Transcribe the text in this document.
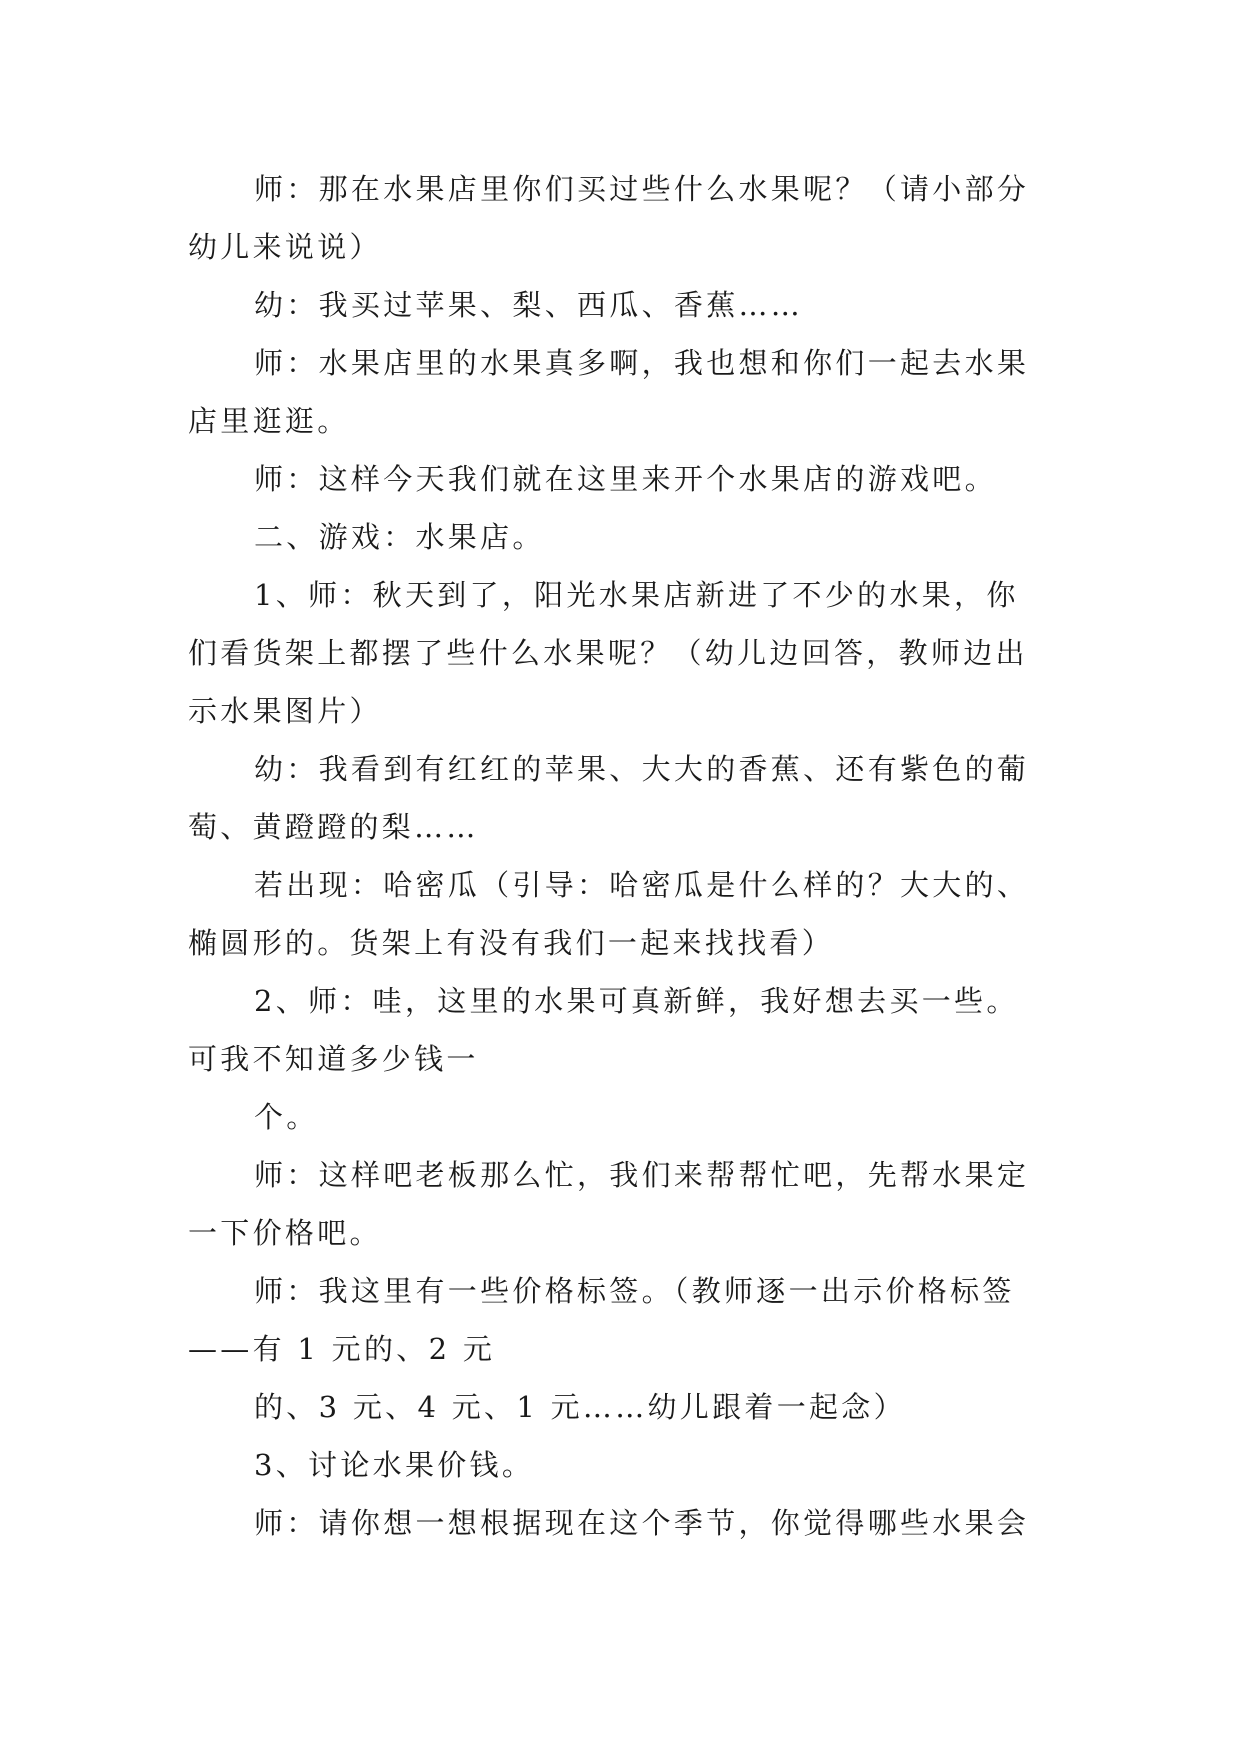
师：那在水果店里你们买过些什么水果呢？（请小部分
幼儿来说说）
幼：我买过苹果、梨、西瓜、香蕉……
师：水果店里的水果真多啊，我也想和你们一起去水果
店里逛逛。
师：这样今天我们就在这里来开个水果店的游戏吧。
二、游戏：水果店。
1、师：秋天到了，阳光水果店新进了不少的水果，你
们看货架上都摆了些什么水果呢？（幼儿边回答，教师边出
示水果图片）
幼：我看到有红红的苹果、大大的香蕉、还有紫色的葡
萄、黄蹬蹬的梨……
若出现：哈密瓜（引导：哈密瓜是什么样的？大大的、
椭圆形的。货架上有没有我们一起来找找看）
2、师：哇，这里的水果可真新鲜，我好想去买一些。
可我不知道多少钱一
个。
师：这样吧老板那么忙，我们来帮帮忙吧，先帮水果定
一下价格吧。
师：我这里有一些价格标签。（教师逐一出示价格标签
——有 1 元的、2 元
的、3 元、4 元、1 元……幼儿跟着一起念）
3、讨论水果价钱。
师：请你想一想根据现在这个季节，你觉得哪些水果会
